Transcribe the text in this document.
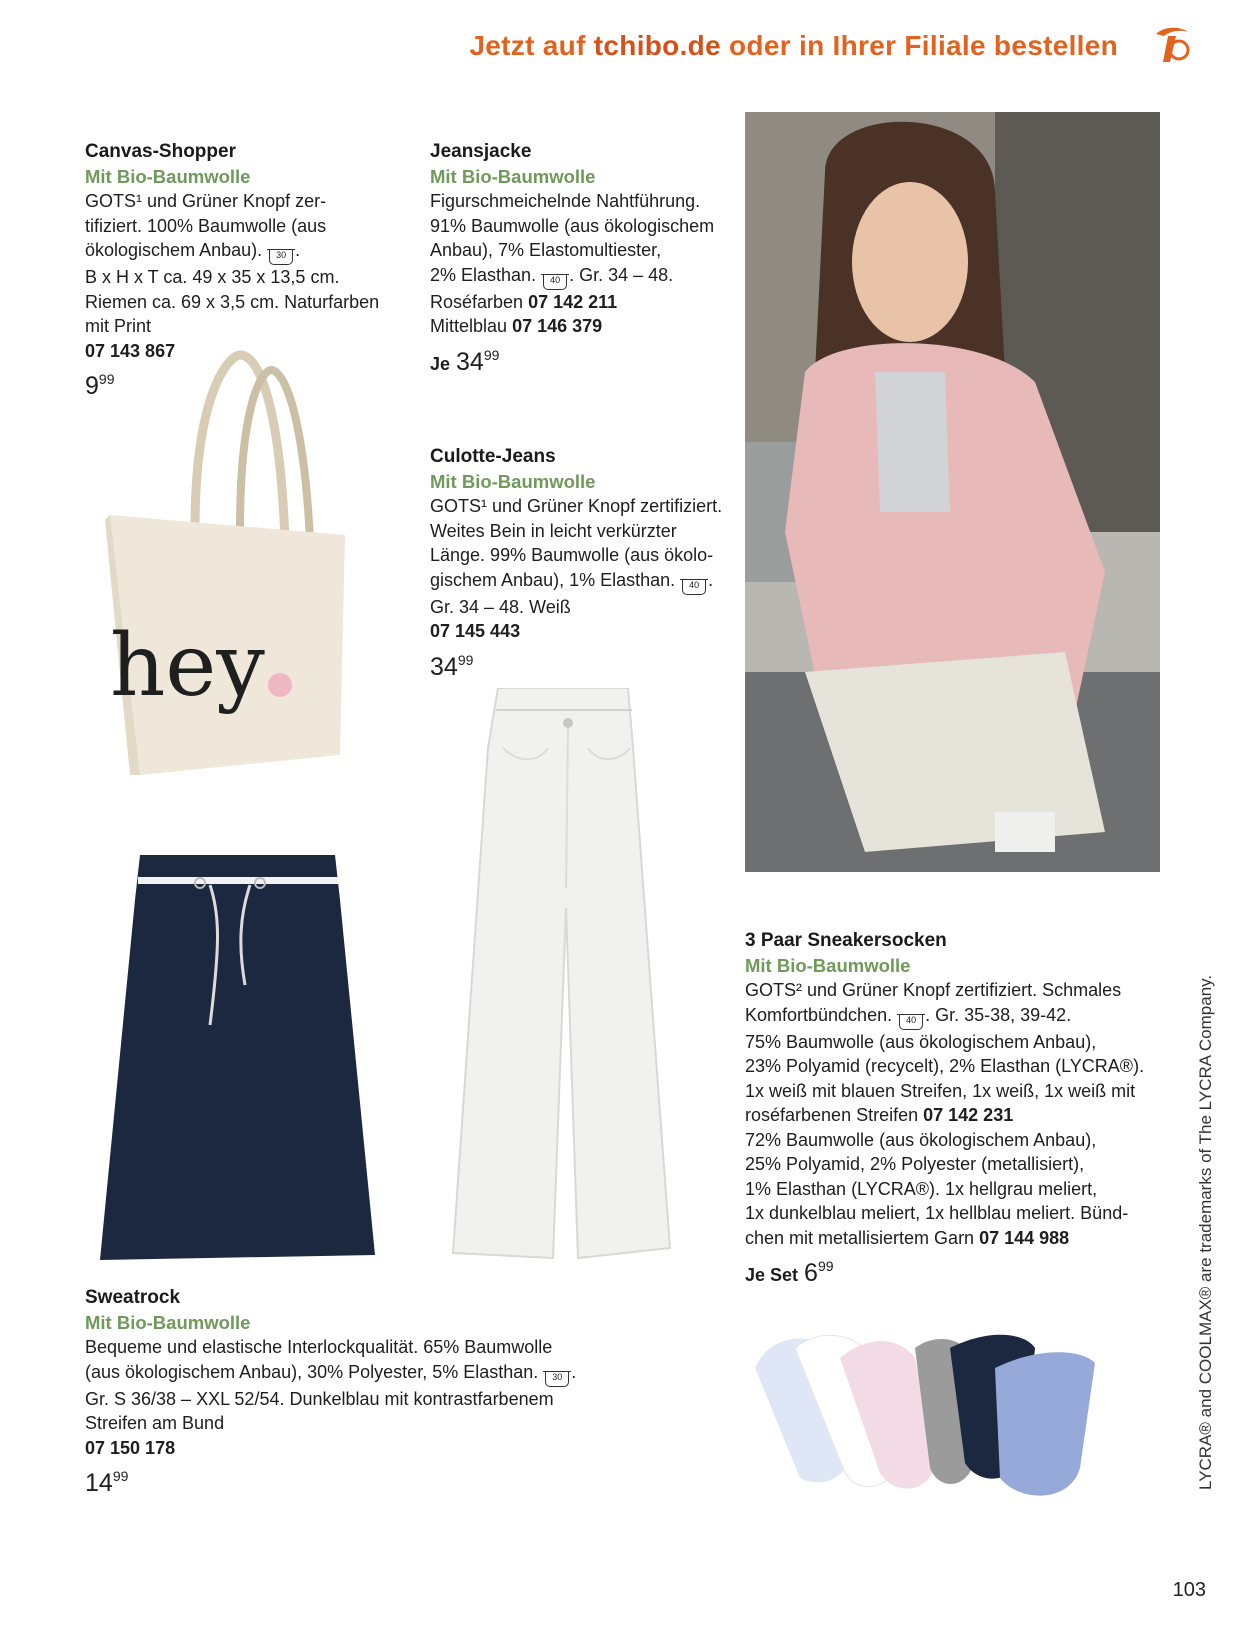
Jetzt auf tchibo.de oder in Ihrer Filiale bestellen
Canvas-Shopper
Mit Bio-Baumwolle
GOTS¹ und Grüner Knopf zer-
tifiziert. 100% Baumwolle (aus
ökologischem Anbau). 30 .
B x H x T ca. 49 x 35 x 13,5 cm.
Riemen ca. 69 x 3,5 cm. Naturfarben
mit Print
07 143 867
$9^{99}$
hey
Jeansjacke
Mit Bio-Baumwolle
Figurschmeichelnde Nahtführung.
91% Baumwolle (aus ökologischem
Anbau), 7% Elastomultiester,
2% Elasthan. 40 . Gr. 34 – 48.
Roséfarben 07 142 211
Mittelblau 07 146 379
Je $34^{99}$
Culotte-Jeans
Mit Bio-Baumwolle
GOTS¹ und Grüner Knopf zertifiziert.
Weites Bein in leicht verkürzter
Länge. 99% Baumwolle (aus ökolo-
gischem Anbau), 1% Elasthan. 40 .
Gr. 34 – 48. Weiß
07 145 443
$34^{99}$
3 Paar Sneakersocken
Mit Bio-Baumwolle
GOTS² und Grüner Knopf zertifiziert. Schmales
Komfortbündchen. 40 . Gr. 35-38, 39-42.
75% Baumwolle (aus ökologischem Anbau),
23% Polyamid (recycelt), 2% Elasthan (LYCRA®).
1x weiß mit blauen Streifen, 1x weiß, 1x weiß mit
roséfarbenen Streifen 07 142 231
72% Baumwolle (aus ökologischem Anbau),
25% Polyamid, 2% Polyester (metallisiert),
1% Elasthan (LYCRA®). 1x hellgrau meliert,
1x dunkelblau meliert, 1x hellblau meliert. Bünd-
chen mit metallisiertem Garn 07 144 988
Je Set $6^{99}$
Sweatrock
Mit Bio-Baumwolle
Bequeme und elastische Interlockqualität. 65% Baumwolle
(aus ökologischem Anbau), 30% Polyester, 5% Elasthan. 30 .
Gr. S 36/38 – XXL 52/54. Dunkelblau mit kontrastfarbenem
Streifen am Bund
07 150 178
$14^{99}$	LYCRA® and COOLMAX® are trademarks of The LYCRA Company.
103
